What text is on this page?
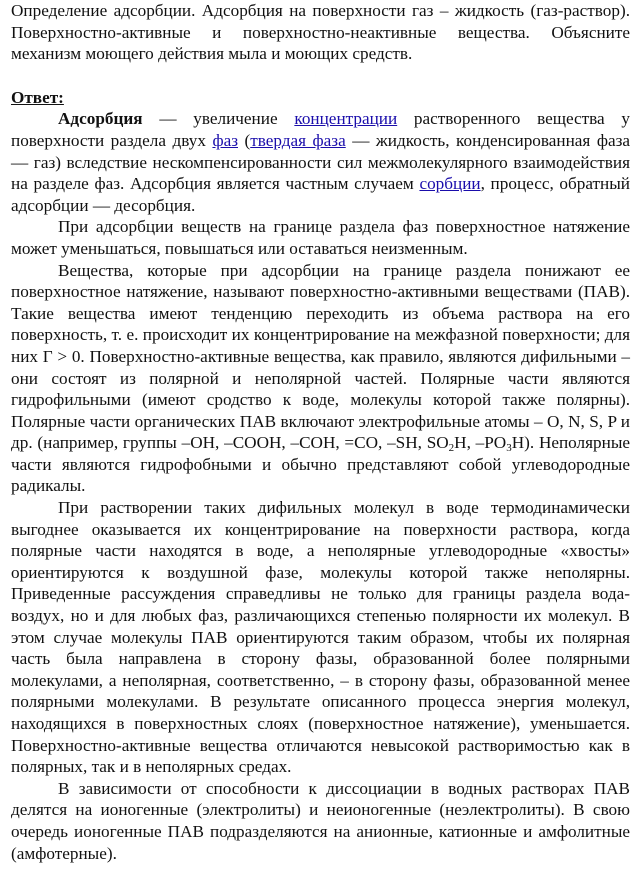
Определение адсорбции. Адсорбция на поверхности газ – жидкость (газ-раствор). Поверхностно-активные и поверхностно-неактивные вещества. Объясните механизм моющего действия мыла и моющих средств.

Ответ:

Адсорбция — увеличение концентрации растворенного вещества у поверхности раздела двух фаз (твердая фаза — жидкость, конденсированная фаза — газ) вследствие нескомпенсированности сил межмолекулярного взаимодействия на разделе фаз. Адсорбция является частным случаем сорбции, процесс, обратный адсорбции — десорбция.

При адсорбции веществ на границе раздела фаз поверхностное натяжение может уменьшаться, повышаться или оставаться неизменным.

Вещества, которые при адсорбции на границе раздела понижают ее поверхностное натяжение, называют поверхностно-активными веществами (ПАВ). Такие вещества имеют тенденцию переходить из объема раствора на его поверхность, т. е. происходит их концентрирование на межфазной поверхности; для них Г > 0. Поверхностно-активные вещества, как правило, являются дифильными – они состоят из полярной и неполярной частей. Полярные части являются гидрофильными (имеют сродство к воде, молекулы которой также полярны). Полярные части органических ПАВ включают электрофильные атомы – O, N, S, P и др. (например, группы –OH, –COOH, –COH, =CO, –SH, $SO_2H$, $-PO_3H$). Неполярные части являются гидрофобными и обычно представляют собой углеводородные радикалы.

При растворении таких дифильных молекул в воде термодинамически выгоднее оказывается их концентрирование на поверхности раствора, когда полярные части находятся в воде, а неполярные углеводородные «хвосты» ориентируются к воздушной фазе, молекулы которой также неполярны. Приведенные рассуждения справедливы не только для границы раздела вода-воздух, но и для любых фаз, различающихся степенью полярности их молекул. В этом случае молекулы ПАВ ориентируются таким образом, чтобы их полярная часть была направлена в сторону фазы, образованной более полярными молекулами, а неполярная, соответственно, – в сторону фазы, образованной менее полярными молекулами. В результате описанного процесса энергия молекул, находящихся в поверхностных слоях (поверхностное натяжение), уменьшается. Поверхностно-активные вещества отличаются невысокой растворимостью как в полярных, так и в неполярных средах.

В зависимости от способности к диссоциации в водных растворах ПАВ делятся на ионогенные (электролиты) и неионогенные (неэлектролиты). В свою очередь ионогенные ПАВ подразделяются на анионные, катионные и амфолитные (амфотерные).
